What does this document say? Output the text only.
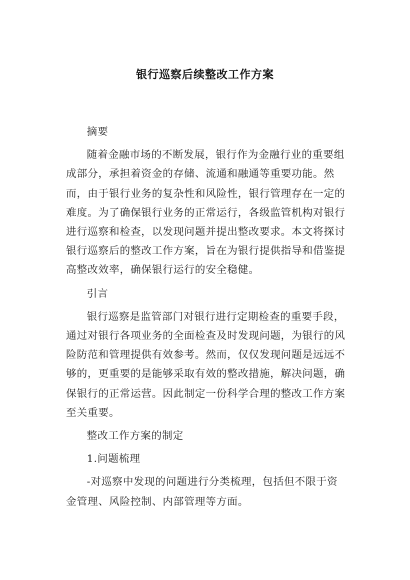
银行巡察后续整改工作方案

摘要

随着金融市场的不断发展，银行作为金融行业的重要组成部分，承担着资金的存储、流通和融通等重要功能。然而，由于银行业务的复杂性和风险性，银行管理存在一定的难度。为了确保银行业务的正常运行，各级监管机构对银行进行巡察和检查，以发现问题并提出整改要求。本文将探讨银行巡察后的整改工作方案，旨在为银行提供指导和借鉴提高整改效率，确保银行运行的安全稳健。

引言

银行巡察是监管部门对银行进行定期检查的重要手段，通过对银行各项业务的全面检查及时发现问题，为银行的风险防范和管理提供有效参考。然而，仅仅发现问题是远远不够的，更重要的是能够采取有效的整改措施，解决问题，确保银行的正常运营。因此制定一份科学合理的整改工作方案至关重要。

整改工作方案的制定

1.问题梳理

-对巡察中发现的问题进行分类梳理，包括但不限于资金管理、风险控制、内部管理等方面。
